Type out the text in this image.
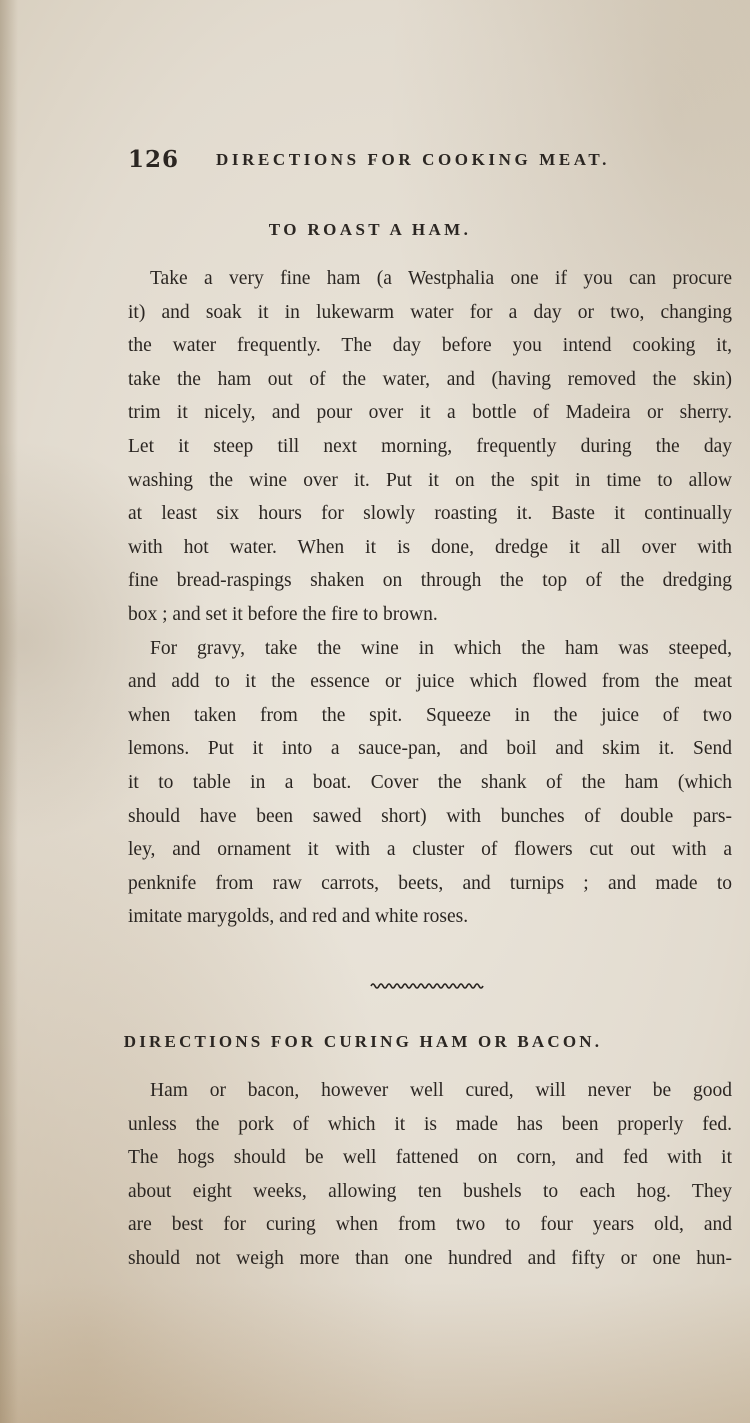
126 DIRECTIONS FOR COOKING MEAT.
TO ROAST A HAM.
Take a very fine ham (a Westphalia one if you can procure
it) and soak it in lukewarm water for a day or two, changing
the water frequently. The day before you intend cooking it,
take the ham out of the water, and (having removed the skin)
trim it nicely, and pour over it a bottle of Madeira or sherry.
Let it steep till next morning, frequently during the day
washing the wine over it. Put it on the spit in time to allow
at least six hours for slowly roasting it. Baste it continually
with hot water. When it is done, dredge it all over with
fine bread-raspings shaken on through the top of the dredging
box ; and set it before the fire to brown.
For gravy, take the wine in which the ham was steeped,
and add to it the essence or juice which flowed from the meat
when taken from the spit. Squeeze in the juice of two
lemons. Put it into a sauce-pan, and boil and skim it. Send
it to table in a boat. Cover the shank of the ham (which
should have been sawed short) with bunches of double pars-
ley, and ornament it with a cluster of flowers cut out with a
penknife from raw carrots, beets, and turnips ; and made to
imitate marygolds, and red and white roses.
DIRECTIONS FOR CURING HAM OR BACON.
Ham or bacon, however well cured, will never be good
unless the pork of which it is made has been properly fed.
The hogs should be well fattened on corn, and fed with it
about eight weeks, allowing ten bushels to each hog. They
are best for curing when from two to four years old, and
should not weigh more than one hundred and fifty or one hun-
